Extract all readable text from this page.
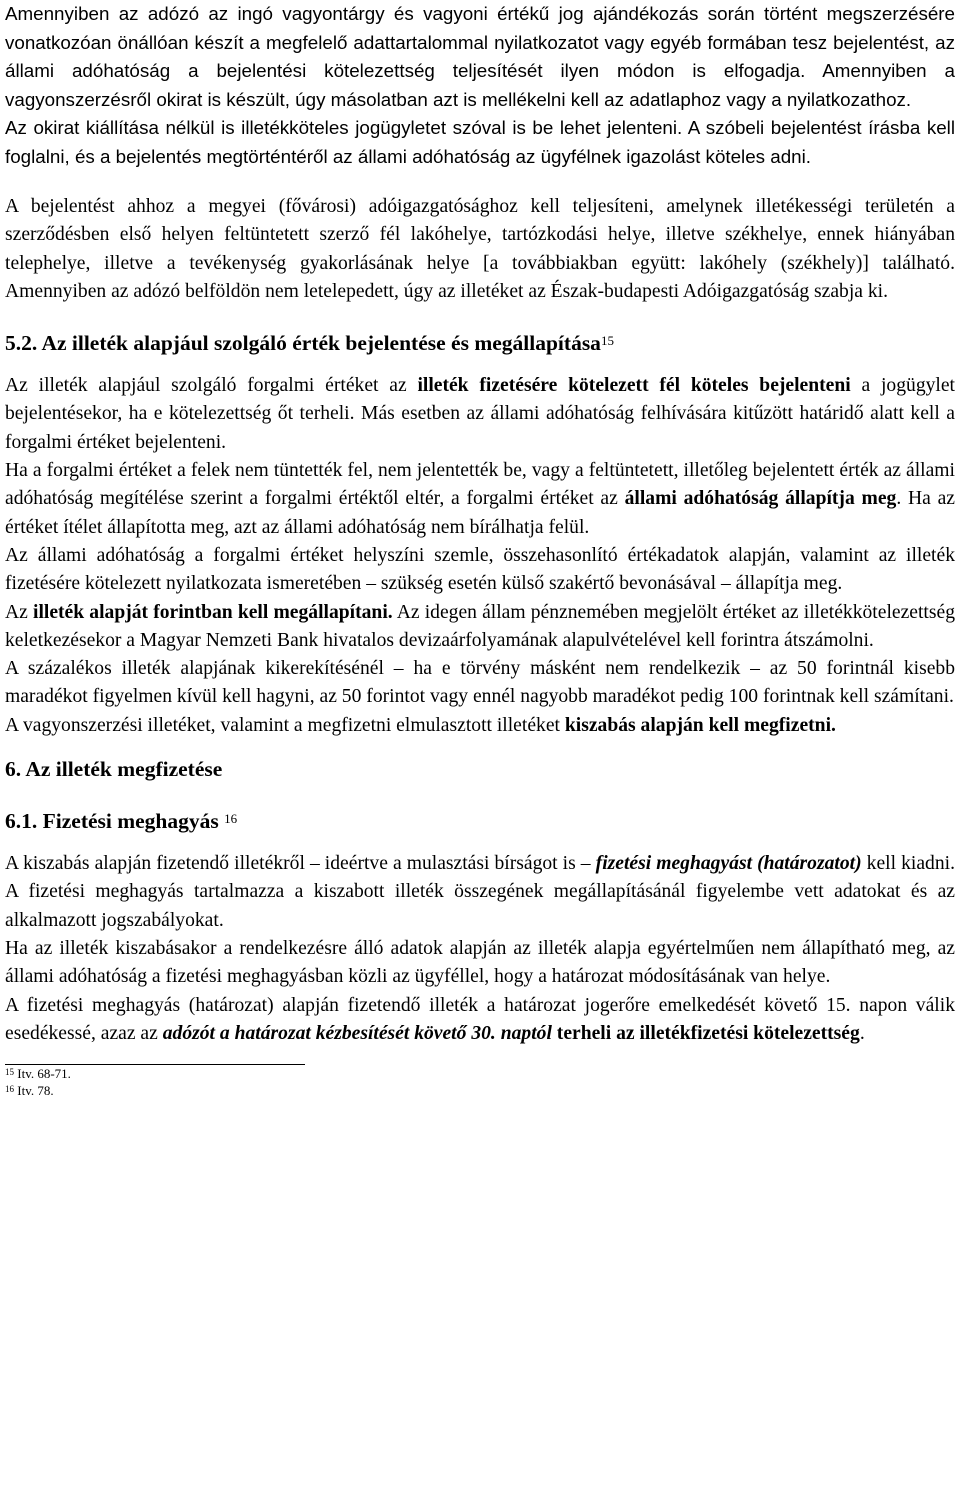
Amennyiben az adózó az ingó vagyontárgy és vagyoni értékű jog ajándékozás során történt megszerzésére vonatkozóan önállóan készít a megfelelő adattartalommal nyilatkozatot vagy egyéb formában tesz bejelentést, az állami adóhatóság a bejelentési kötelezettség teljesítését ilyen módon is elfogadja. Amennyiben a vagyonszerzésről okirat is készült, úgy másolatban azt is mellékelni kell az adatlaphoz vagy a nyilatkozathoz.

Az okirat kiállítása nélkül is illetékköteles jogügyletet szóval is be lehet jelenteni. A szóbeli bejelentést írásba kell foglalni, és a bejelentés megtörténtéről az állami adóhatóság az ügyfélnek igazolást köteles adni.

A bejelentést ahhoz a megyei (fővárosi) adóigazgatósághoz kell teljesíteni, amelynek illetékességi területén a szerződésben első helyen feltüntetett szerző fél lakóhelye, tartózkodási helye, illetve székhelye, ennek hiányában telephelye, illetve a tevékenység gyakorlásának helye [a továbbiakban együtt: lakóhely (székhely)] található. Amennyiben az adózó belföldön nem letelepedett, úgy az illetéket az Észak-budapesti Adóigazgatóság szabja ki.

5.2. Az illeték alapjául szolgáló érték bejelentése és megállapítása$^{15}$

Az illeték alapjául szolgáló forgalmi értéket az illeték fizetésére kötelezett fél köteles bejelenteni a jogügylet bejelentésekor, ha e kötelezettség őt terheli. Más esetben az állami adóhatóság felhívására kitűzött határidő alatt kell a forgalmi értéket bejelenteni.

Ha a forgalmi értéket a felek nem tüntették fel, nem jelentették be, vagy a feltüntetett, illetőleg bejelentett érték az állami adóhatóság megítélése szerint a forgalmi értéktől eltér, a forgalmi értéket az állami adóhatóság állapítja meg. Ha az értéket ítélet állapította meg, azt az állami adóhatóság nem bírálhatja felül.

Az állami adóhatóság a forgalmi értéket helyszíni szemle, összehasonlító értékadatok alapján, valamint az illeték fizetésére kötelezett nyilatkozata ismeretében – szükség esetén külső szakértő bevonásával – állapítja meg.

Az illeték alapját forintban kell megállapítani. Az idegen állam pénznemében megjelölt értéket az illetékkötelezettség keletkezésekor a Magyar Nemzeti Bank hivatalos devizaárfolyamának alapulvételével kell forintra átszámolni.

A százalékos illeték alapjának kikerekítésénél – ha e törvény másként nem rendelkezik – az 50 forintnál kisebb maradékot figyelmen kívül kell hagyni, az 50 forintot vagy ennél nagyobb maradékot pedig 100 forintnak kell számítani.

A vagyonszerzési illetéket, valamint a megfizetni elmulasztott illetéket kiszabás alapján kell megfizetni.

6. Az illeték megfizetése
6.1. Fizetési meghagyás $^{16}$

A kiszabás alapján fizetendő illetékről – ideértve a mulasztási bírságot is – fizetési meghagyást (határozatot) kell kiadni. A fizetési meghagyás tartalmazza a kiszabott illeték összegének megállapításánál figyelembe vett adatokat és az alkalmazott jogszabályokat.

Ha az illeték kiszabásakor a rendelkezésre álló adatok alapján az illeték alapja egyértelműen nem állapítható meg, az állami adóhatóság a fizetési meghagyásban közli az ügyféllel, hogy a határozat módosításának van helye.

A fizetési meghagyás (határozat) alapján fizetendő illeték a határozat jogerőre emelkedését követő 15. napon válik esedékessé, azaz az adózót a határozat kézbesítését követő 30. naptól terheli az illetékfizetési kötelezettség.

$^{15}$ Itv. 68-71.

$^{16}$ Itv. 78.
